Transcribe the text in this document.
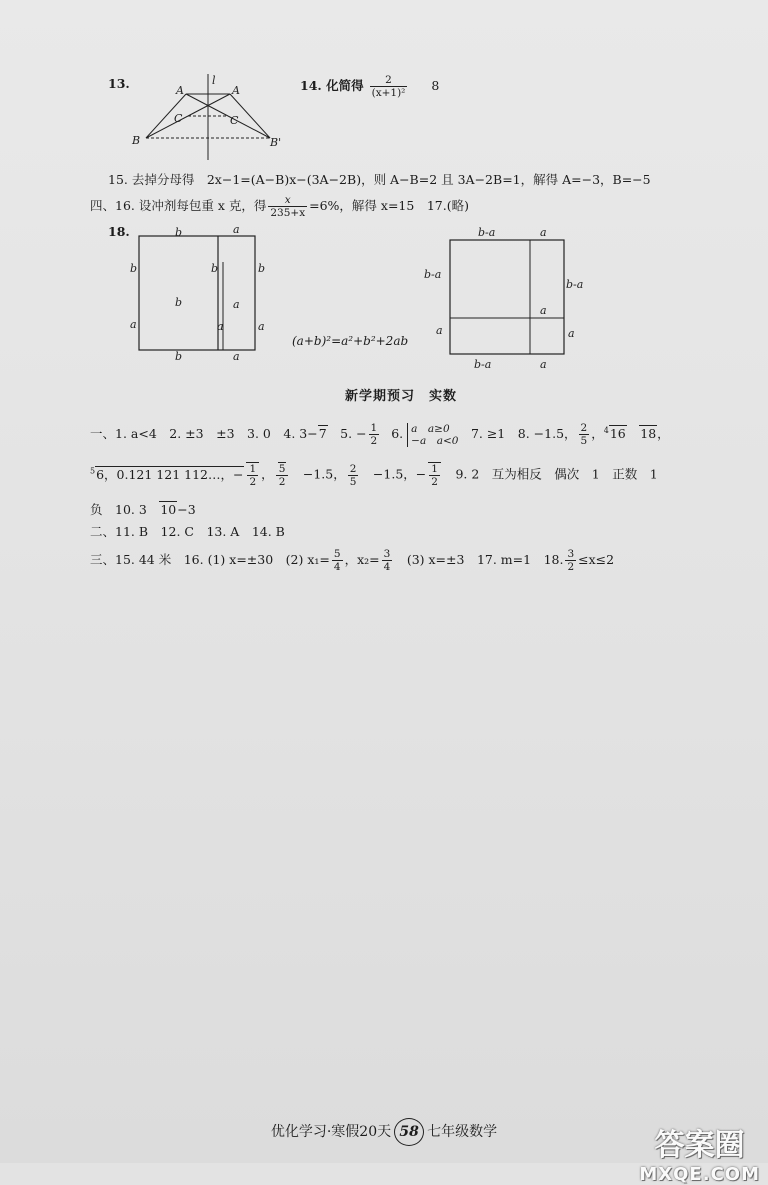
13.	l
A	A
C	C
B	B'
14. 化简得 $\frac{2}{\text{(x+1)²}} 8$
15. 去掉分母得　2x−1=(A−B)x−(3A−2B)，则 A−B=2 且 3A−2B=1，解得 A=−3，B=−5
四、16. 设冲剂每包重 x 克，得 $\frac{x}{235+x} =6\%$，解得 x=15　17.(略)
18.	b	a
b
a
b
b
a
a
b
a
b	a
(a+b)²=a²+b²+2ab
b-a	a
b-a
a
b-a
a
a
b-a	a
新学期预习　实数
一、1. a<4　2. ±3　±3　3. 0　4. 3−7　5. − $\frac{1}{2} 6$. a　a≥0
−a　a<0 　7. ≥1　8. −1.5， $\frac{2}{5}$ ，$^4$16　 18，
$^5$6，0.121 121 112…，− $\frac{1}{2}$ ， $\frac{5}{2}$ 　−1.5， $\frac{2}{5}$ 　−1.5，− $\frac{1}{2}$ 　9. 2　互为相反　偶次　1　正数　1
负　10. 3　10−3
二、11. B　12. C　13. A　14. B
三、15. 44 米　16. (1) x=±30　(2) $x_1= \frac{5}{4}$ ，$x_2= \frac{3}{4}$ 　(3) x=±3　17. m=1　18. $\frac{3}{2} \le x\le 2$
优化学习·寒假20天 58 七年级数学	答案圈
MXQE.COM
